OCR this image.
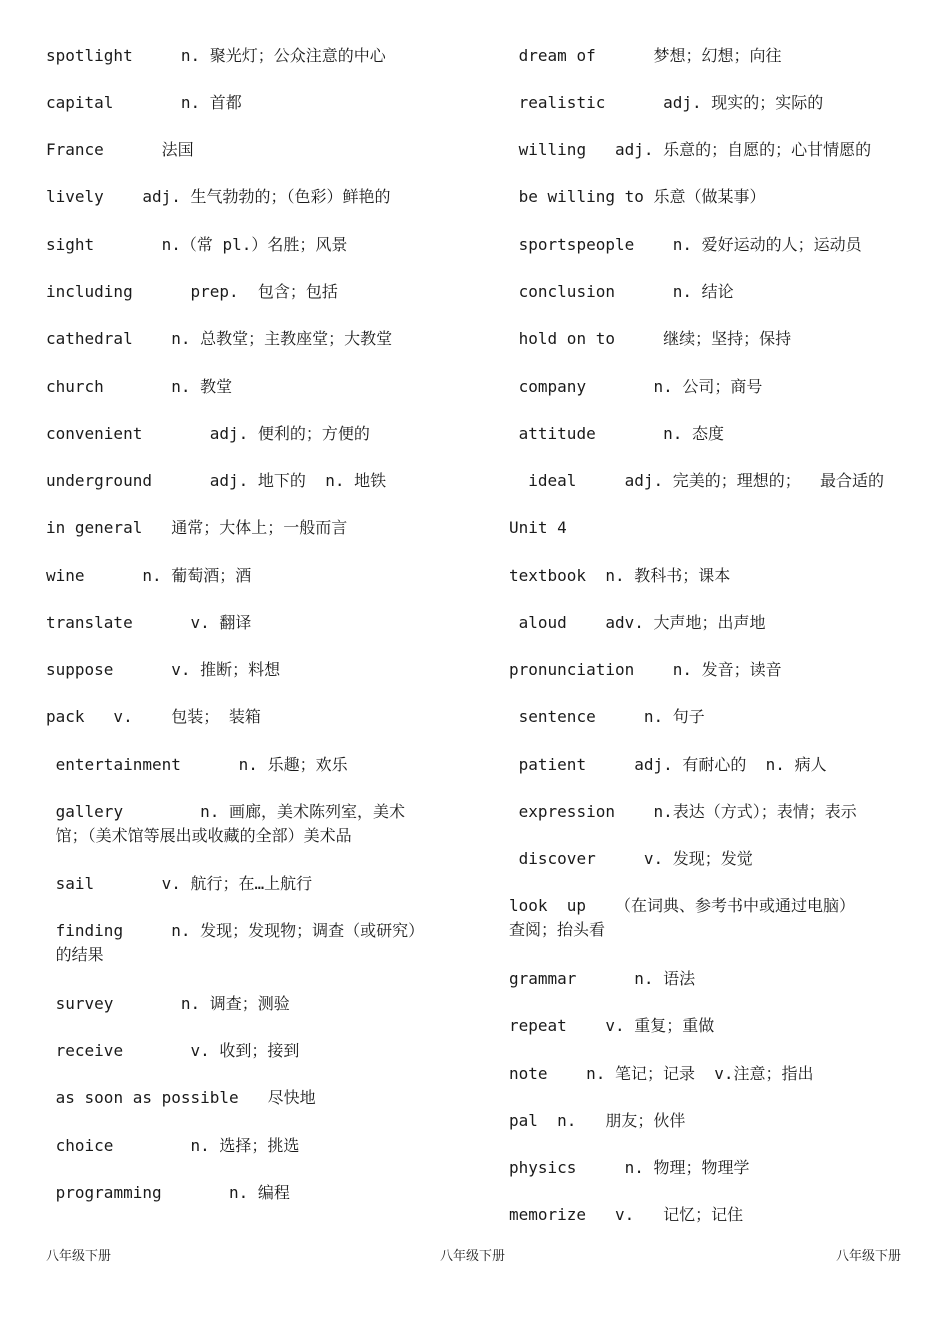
spotlight     n. 聚光灯；公众注意的中心
capital       n. 首都
France      法国
lively    adj. 生气勃勃的；（色彩）鲜艳的
sight       n.（常 pl.）名胜；风景
including      prep.  包含；包括
cathedral    n. 总教堂；主教座堂；大教堂
church       n. 教堂
convenient       adj. 便利的；方便的
underground      adj. 地下的  n. 地铁
in general   通常；大体上；一般而言
wine      n. 葡萄酒；酒
translate      v. 翻译
suppose      v. 推断；料想
pack   v.    包装； 装箱
entertainment      n. 乐趣；欢乐
gallery        n. 画廊，美术陈列室，美术
馆；（美术馆等展出或收藏的全部）美术品
sail       v. 航行；在…上航行
finding     n. 发现；发现物；调查（或研究）
的结果
survey       n. 调查；测验
receive       v. 收到；接到
as soon as possible   尽快地
choice        n. 选择；挑选
programming       n. 编程
dream of      梦想；幻想；向往
realistic      adj. 现实的；实际的
willing   adj. 乐意的；自愿的；心甘情愿的
be willing to 乐意（做某事）
sportspeople    n. 爱好运动的人；运动员
conclusion      n. 结论
hold on to     继续；坚持；保持
company       n. 公司；商号
attitude       n. 态度
ideal     adj. 完美的；理想的；  最合适的
Unit 4
textbook  n. 教科书；课本
aloud    adv. 大声地；出声地
pronunciation    n. 发音；读音
sentence     n. 句子
patient     adj. 有耐心的  n. 病人
expression    n.表达（方式）；表情；表示
discover     v. 发现；发觉
look  up   （在词典、参考书中或通过电脑）
查阅；抬头看
grammar      n. 语法
repeat    v. 重复；重做
note    n. 笔记；记录  v.注意；指出
pal  n.   朋友；伙伴
physics     n. 物理；物理学
memorize   v.   记忆；记住
八年级下册	八年级下册	八年级下册
